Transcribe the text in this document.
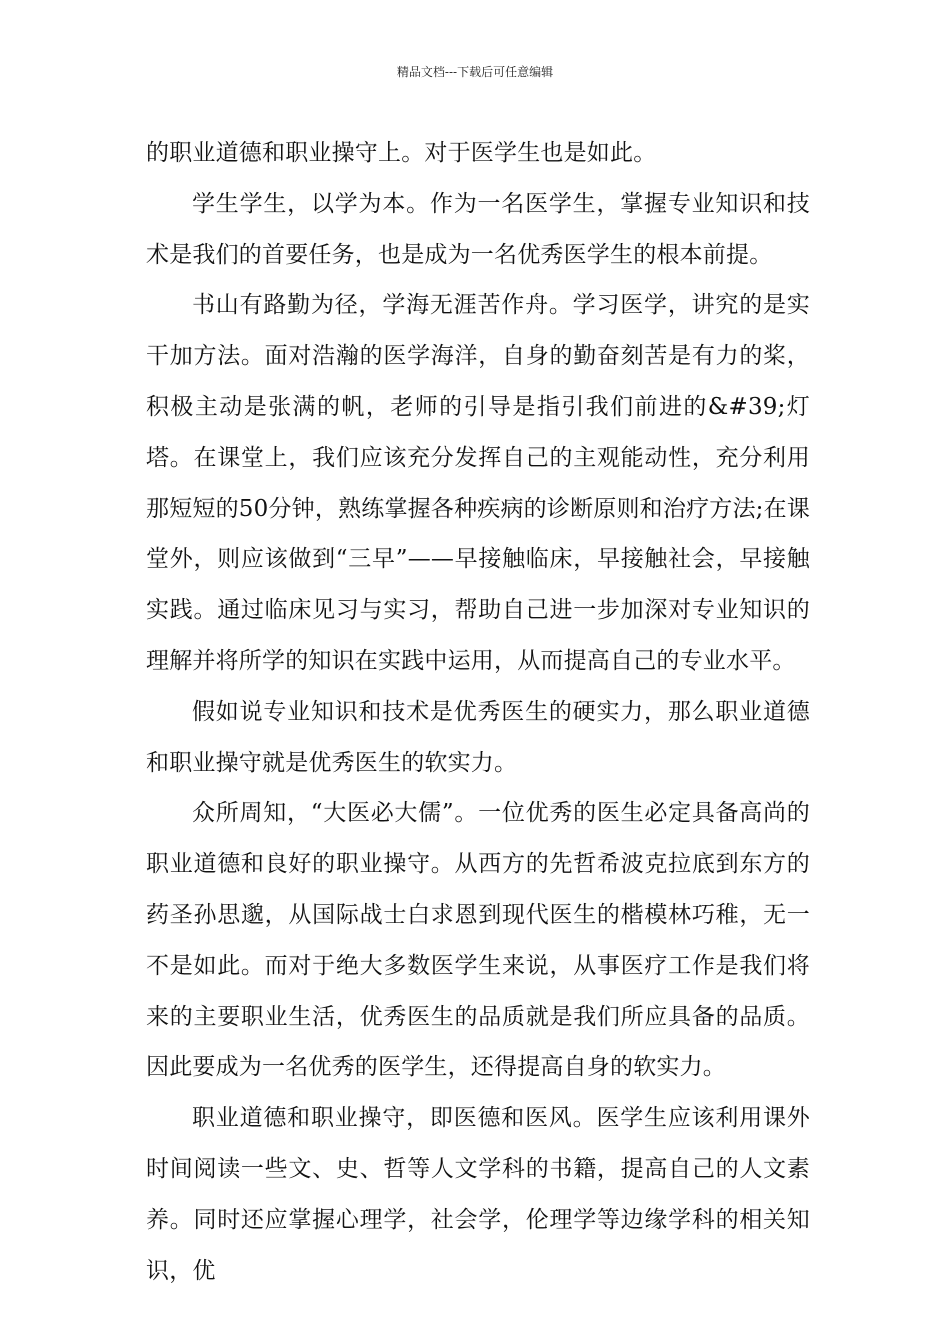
精品文档---下载后可任意编辑

的职业道德和职业操守上。对于医学生也是如此。

学生学生，以学为本。作为一名医学生，掌握专业知识和技术是我们的首要任务，也是成为一名优秀医学生的根本前提。

书山有路勤为径，学海无涯苦作舟。学习医学，讲究的是实干加方法。面对浩瀚的医学海洋，自身的勤奋刻苦是有力的桨，积极主动是张满的帆，老师的引导是指引我们前进的&#39;灯塔。在课堂上，我们应该充分发挥自己的主观能动性，充分利用那短短的50分钟，熟练掌握各种疾病的诊断原则和治疗方法;在课堂外，则应该做到“三早”——早接触临床，早接触社会，早接触实践。通过临床见习与实习，帮助自己进一步加深对专业知识的理解并将所学的知识在实践中运用，从而提高自己的专业水平。

假如说专业知识和技术是优秀医生的硬实力，那么职业道德和职业操守就是优秀医生的软实力。

众所周知，“大医必大儒”。一位优秀的医生必定具备高尚的职业道德和良好的职业操守。从西方的先哲希波克拉底到东方的药圣孙思邈，从国际战士白求恩到现代医生的楷模林巧稚，无一不是如此。而对于绝大多数医学生来说，从事医疗工作是我们将来的主要职业生活，优秀医生的品质就是我们所应具备的品质。因此要成为一名优秀的医学生，还得提高自身的软实力。

职业道德和职业操守，即医德和医风。医学生应该利用课外时间阅读一些文、史、哲等人文学科的书籍，提高自己的人文素养。同时还应掌握心理学，社会学，伦理学等边缘学科的相关知识，优
